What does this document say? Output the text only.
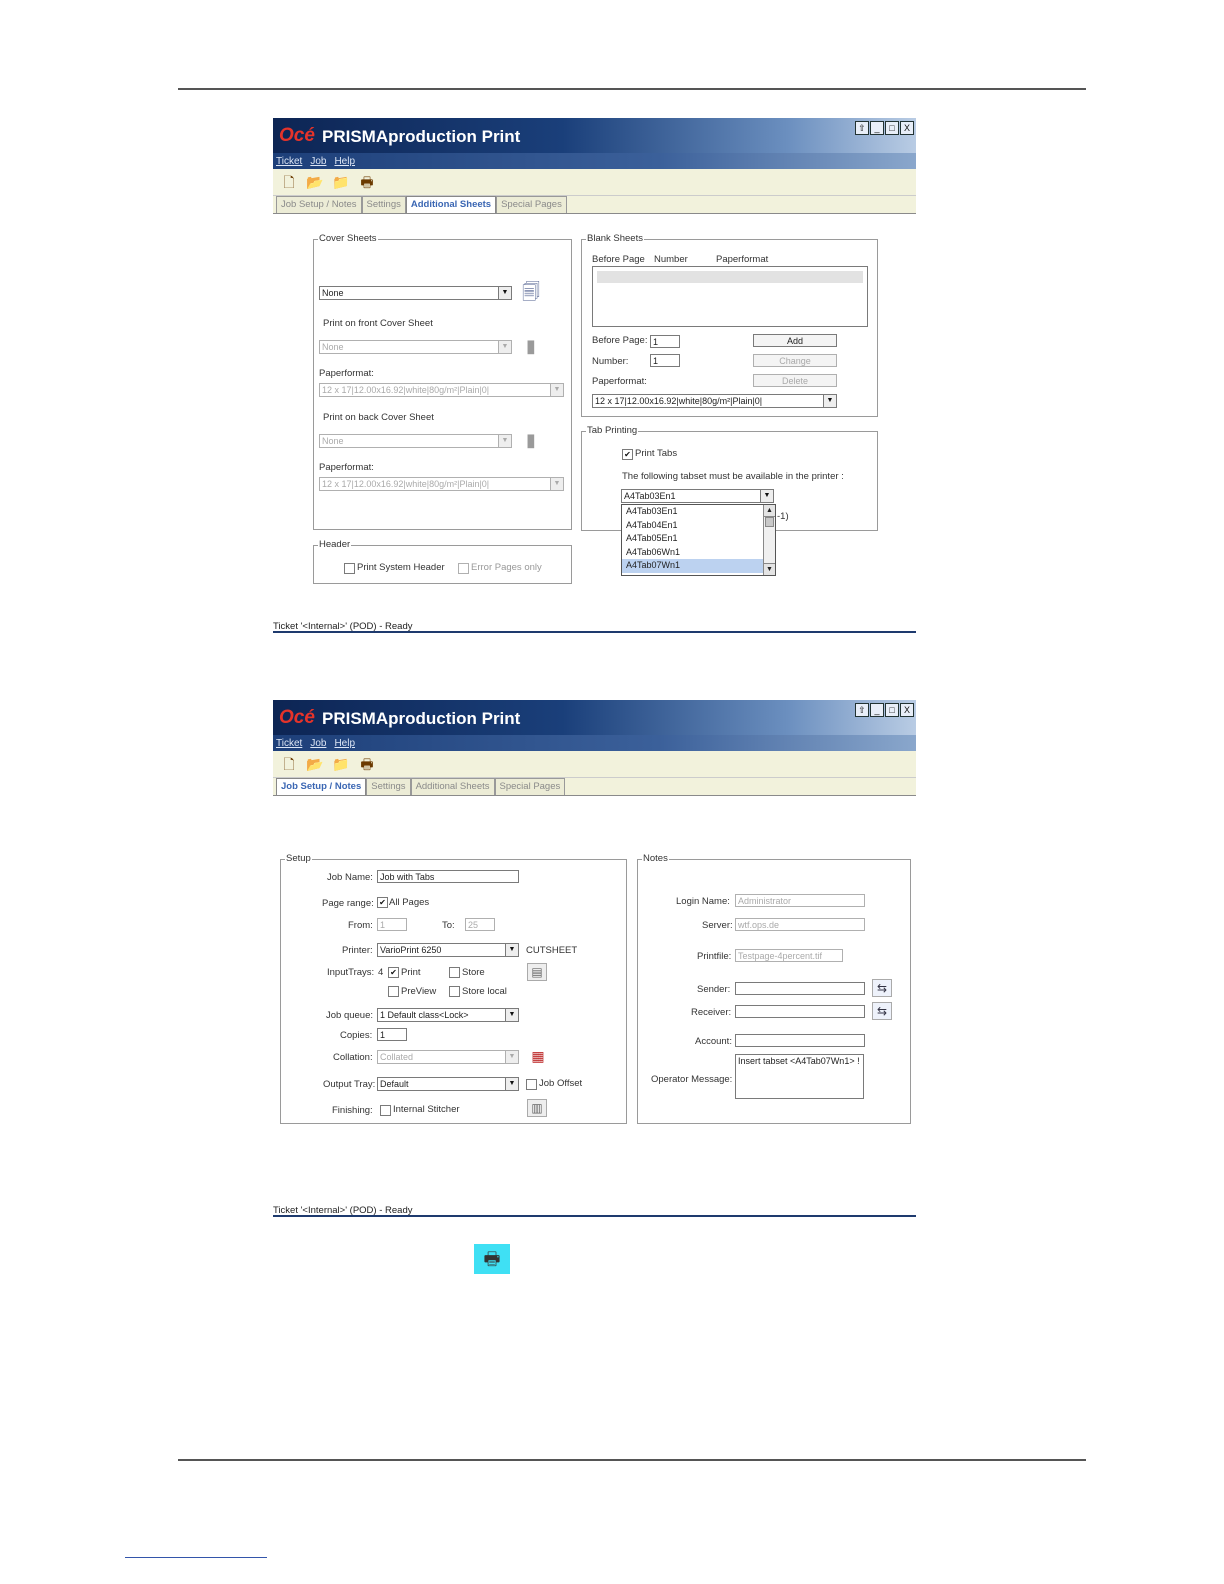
Océ PRISMAproduction Print	⇧ _	□	X
Ticket Job Help
🗋 📂 📁 🖶
Job Setup / Notes	Settings	Additional Sheets	Special Pages
Cover Sheets
None	▼ 🗐
Print on front Cover Sheet
None	▼ ▮
Paperformat:
12 x 17|12.00x16.92|white|80g/m²|Plain|0|	▼
Print on back Cover Sheet
None	▼ ▮
Paperformat:
12 x 17|12.00x16.92|white|80g/m²|Plain|0|	▼
Header
Print System Header	Error Pages only
Blank Sheets
Before Page Number	Paperformat
Before Page: 1
Number:	1
Paperformat:
Add
Change
Delete
12 x 17|12.00x16.92|white|80g/m²|Plain|0|	▼
Tab Printing
✔ Print Tabs
The following tabset must be available in the printer :
-1)
A4Tab03En1	▼
A4Tab03En1
A4Tab04En1
A4Tab05En1
A4Tab06Wn1
A4Tab07Wn1
▲
▼
Ticket '<Internal>' (POD) - Ready
Océ PRISMAproduction Print	⇧ _	□	X
Ticket Job Help
🗋 📂 📁 🖶
Job Setup / Notes	Settings	Additional Sheets	Special Pages
Setup
Job Name: Job with Tabs
Page range: ✔ All Pages
From: 1	To:	25
Printer: VarioPrint 6250	▼ CUTSHEET
InputTrays: 4 ✔ Print	Store	▤
PreView	Store local
Job queue: 1 Default class<Lock>	▼
Copies: 1
Collation: Collated	▼	▦
Output Tray: Default	▼ Job Offset
Finishing: Internal Stitcher	▥
Notes
Login Name: Administrator
Server: wtf.ops.de
Printfile: Testpage-4percent.tif
Sender:	⇆
Receiver:	⇆
Account:
Operator Message:
Insert tabset <A4Tab07Wn1> !
Ticket '<Internal>' (POD) - Ready
🖶
